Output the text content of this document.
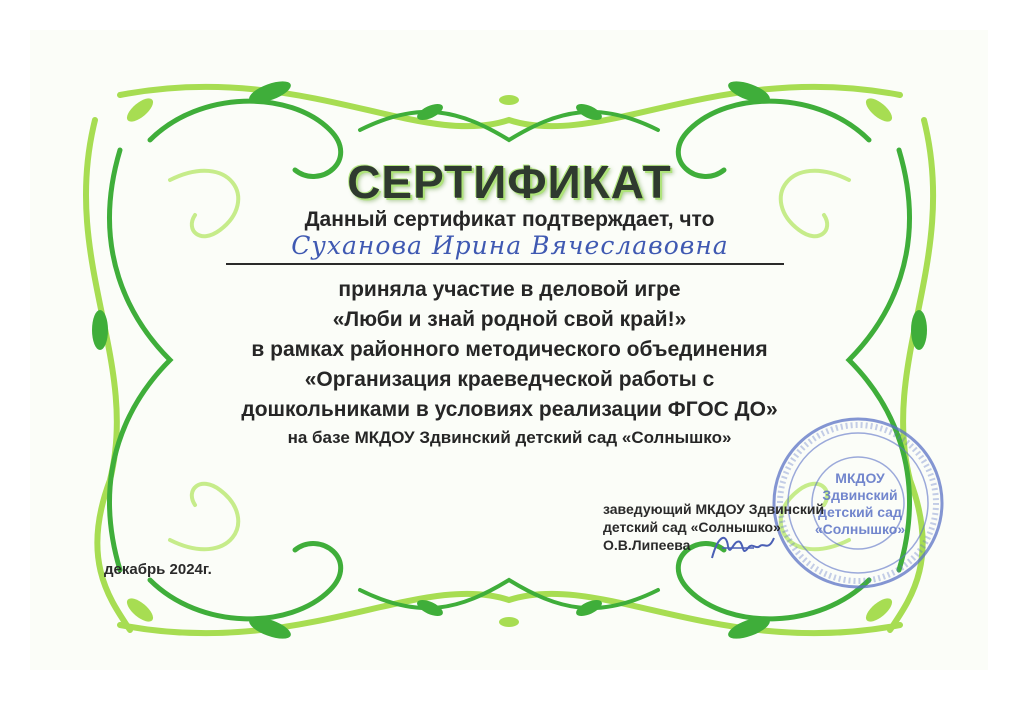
СЕРТИФИКАТ
Данный сертификат подтверждает, что
Суханова Ирина Вячеславовна
приняла участие в деловой игре
«Люби и знай родной свой край!»
в рамках районного методического объединения
«Организация краеведческой работы с
дошкольниками в условиях реализации ФГОС ДО»
на базе МКДОУ Здвинский детский сад «Солнышко»
МКДОУ Здвинский детский сад «Солнышко»
заведующий МКДОУ Здвинский
детский сад «Солнышко»
О.В.Липеева
декабрь 2024г.
